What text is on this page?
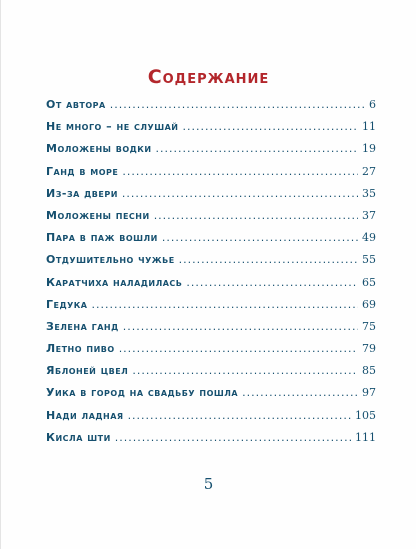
Содержание
От автора .....	6
Не много – не слушай .....	11
Моложены водки .....	19
Ганд в море .....	27
Из-за двери .....	35
Моложены песни .....	37
Пара в паж вошли .....	49
Отдушительно чужье .....	55
Каратчиха наладилась .....	65
Гедука .....	69
Зелена ганд .....	75
Летно пиво .....	79
Яблоней цвел .....	85
Уика в город на свадьбу пошла .....	97
Нади ладная .....	105
Кисла шти .....	111
5
